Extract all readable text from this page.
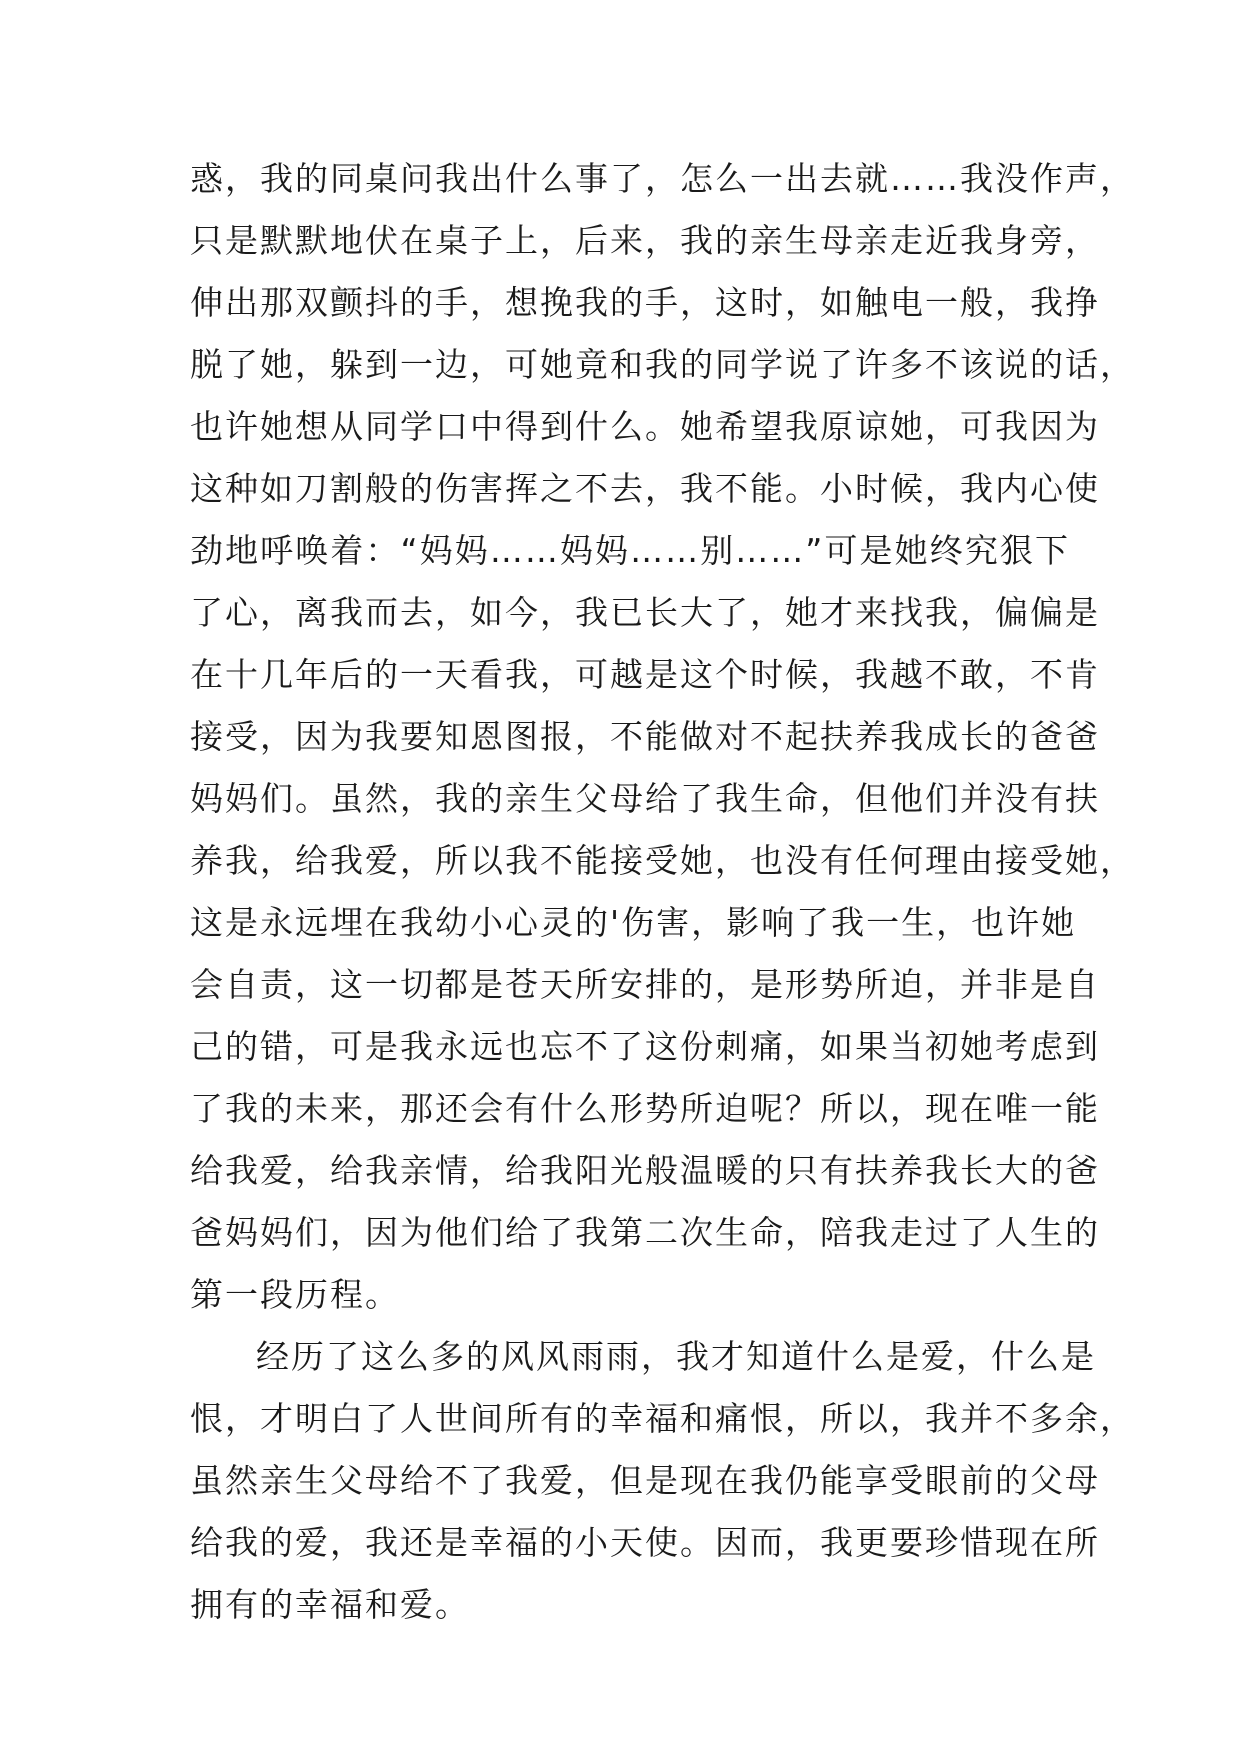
惑，我的同桌问我出什么事了，怎么一出去就……我没作声，
只是默默地伏在桌子上，后来，我的亲生母亲走近我身旁，
伸出那双颤抖的手，想挽我的手，这时，如触电一般，我挣
脱了她，躲到一边，可她竟和我的同学说了许多不该说的话，
也许她想从同学口中得到什么。她希望我原谅她，可我因为
这种如刀割般的伤害挥之不去，我不能。小时候，我内心使
劲地呼唤着：“妈妈……妈妈……别……”可是她终究狠下
了心，离我而去，如今，我已长大了，她才来找我，偏偏是
在十几年后的一天看我，可越是这个时候，我越不敢，不肯
接受，因为我要知恩图报，不能做对不起扶养我成长的爸爸
妈妈们。虽然，我的亲生父母给了我生命，但他们并没有扶
养我，给我爱，所以我不能接受她，也没有任何理由接受她，
这是永远埋在我幼小心灵的'伤害，影响了我一生，也许她
会自责，这一切都是苍天所安排的，是形势所迫，并非是自
己的错，可是我永远也忘不了这份刺痛，如果当初她考虑到
了我的未来，那还会有什么形势所迫呢？所以，现在唯一能
给我爱，给我亲情，给我阳光般温暖的只有扶养我长大的爸
爸妈妈们，因为他们给了我第二次生命，陪我走过了人生的
第一段历程。
经历了这么多的风风雨雨，我才知道什么是爱，什么是
恨，才明白了人世间所有的幸福和痛恨，所以，我并不多余，
虽然亲生父母给不了我爱，但是现在我仍能享受眼前的父母
给我的爱，我还是幸福的小天使。因而，我更要珍惜现在所
拥有的幸福和爱。
